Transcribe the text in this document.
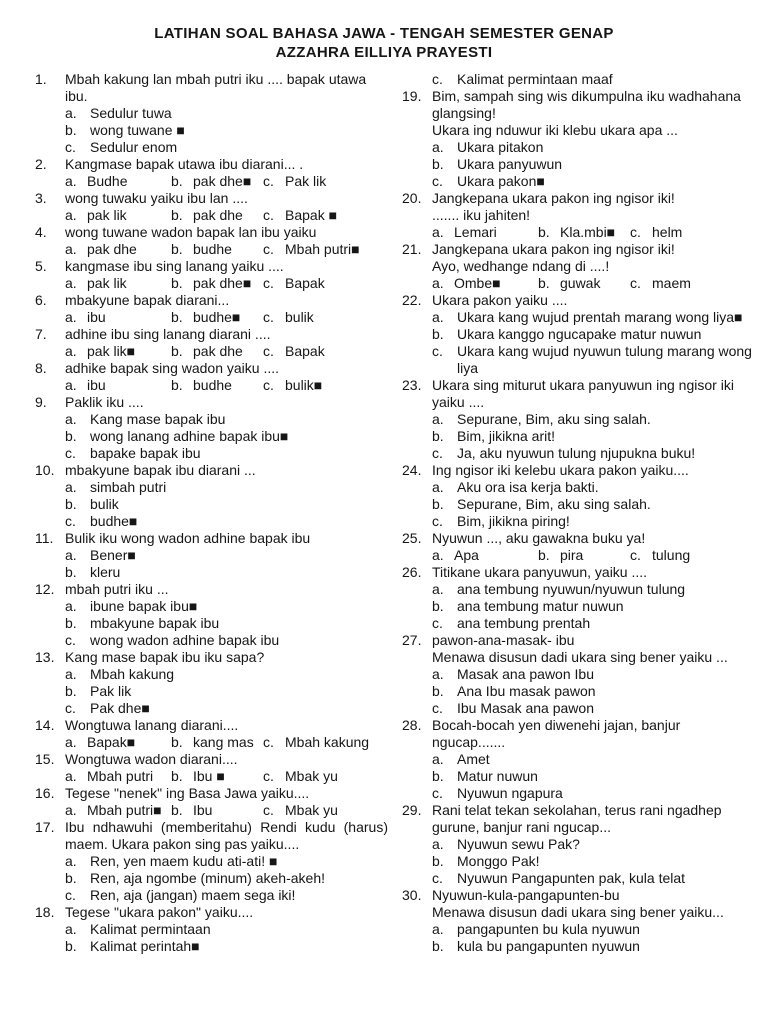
LATIHAN SOAL BAHASA JAWA - TENGAH SEMESTER GENAP
AZZAHRA EILLIYA PRAYESTI
1.	Mbah kakung lan mbah putri iku .... bapak utawa ibu.
a. Sedulur tuwa
b. wong tuwane ■
c.	Sedulur enom
2.	Kangmase bapak utawa ibu diarani... .
a. Budhe	b. pak dhe■ c. Pak lik
3.	wong tuwaku yaiku ibu lan ....
a. pak lik	b. pak dhe	c. Bapak ■
4.	wong tuwane wadon bapak lan ibu yaiku
a. pak dhe	b. budhe	c. Mbah putri■
5.	kangmase ibu sing lanang yaiku ....
a. pak lik	b. pak dhe■ c. Bapak
6.	mbakyune bapak diarani...
a. ibu	b. budhe■	c. bulik
7.	adhine ibu sing lanang diarani ....
a. pak lik■	b. pak dhe	c. Bapak
8.	adhike bapak sing wadon yaiku ....
a. ibu	b. budhe	c. bulik■
9.	Paklik iku ....
a. Kang mase bapak ibu
b. wong lanang adhine bapak ibu■
c.	bapake bapak ibu
10. mbakyune bapak ibu diarani ...
a. simbah putri
b. bulik
c.	budhe■
11. Bulik iku wong wadon adhine bapak ibu
a. Bener■
b. kleru
12. mbah putri iku ...
a. ibune bapak ibu■
b. mbakyune bapak ibu
c.	wong wadon adhine bapak ibu
13. Kang mase bapak ibu iku sapa?
a. Mbah kakung
b. Pak lik
c.	Pak dhe■
14. Wongtuwa lanang diarani....
a. Bapak■	b. kang mas c. Mbah kakung
15. Wongtuwa wadon diarani....
a. Mbah putri	b. Ibu ■	c. Mbak yu
16. Tegese "nenek" ing Basa Jawa yaiku....
a. Mbah putri■ b. Ibu	c. Mbak yu
17. Ibu ndhawuhi (memberitahu) Rendi kudu (harus) maem. Ukara pakon sing pas yaiku....
a. Ren, yen maem kudu ati-ati! ■
b. Ren, aja ngombe (minum) akeh-akeh!
c.	Ren, aja (jangan) maem sega iki!
18. Tegese "ukara pakon" yaiku....
a. Kalimat permintaan
b. Kalimat perintah■
c.	Kalimat permintaan maaf
19. Bim, sampah sing wis dikumpulna iku wadhahana glangsing!
Ukara ing nduwur iki klebu ukara apa ...
a. Ukara pitakon
b. Ukara panyuwun
c.	Ukara pakon■
20. Jangkepana ukara pakon ing ngisor iki!
....... iku jahiten!
a. Lemari	b. Kla.mbi■	c. helm
21. Jangkepana ukara pakon ing ngisor iki!
Ayo, wedhange ndang di ....!
a. Ombe■	b. guwak	c. maem
22. Ukara pakon yaiku ....
a. Ukara kang wujud prentah marang wong liya■
b. Ukara kanggo ngucapake matur nuwun
c.	Ukara kang wujud nyuwun tulung marang wong liya
23. Ukara sing miturut ukara panyuwun ing ngisor iki yaiku ....
a. Sepurane, Bim, aku sing salah.
b. Bim, jikikna arit!
c.	Ja, aku nyuwun tulung njupukna buku!
24. Ing ngisor iki kelebu ukara pakon yaiku....
a. Aku ora isa kerja bakti.
b. Sepurane, Bim, aku sing salah.
c.	Bim, jikikna piring!
25. Nyuwun ..., aku gawakna buku ya!
a. Apa	b. pira	c. tulung
26. Titikane ukara panyuwun, yaiku ....
a. ana tembung nyuwun/nyuwun tulung
b. ana tembung matur nuwun
c.	ana tembung prentah
27. pawon-ana-masak- ibu
Menawa disusun dadi ukara sing bener yaiku ...
a. Masak ana pawon Ibu
b. Ana Ibu masak pawon
c.	Ibu Masak ana pawon
28. Bocah-bocah yen diwenehi jajan, banjur ngucap.......
a. Amet
b. Matur nuwun
c.	Nyuwun ngapura
29. Rani telat tekan sekolahan, terus rani ngadhep gurune, banjur rani ngucap...
a. Nyuwun sewu Pak?
b. Monggo Pak!
c.	Nyuwun Pangapunten pak, kula telat
30. Nyuwun-kula-pangapunten-bu
Menawa disusun dadi ukara sing bener yaiku...
a. pangapunten bu kula nyuwun
b. kula bu pangapunten nyuwun
